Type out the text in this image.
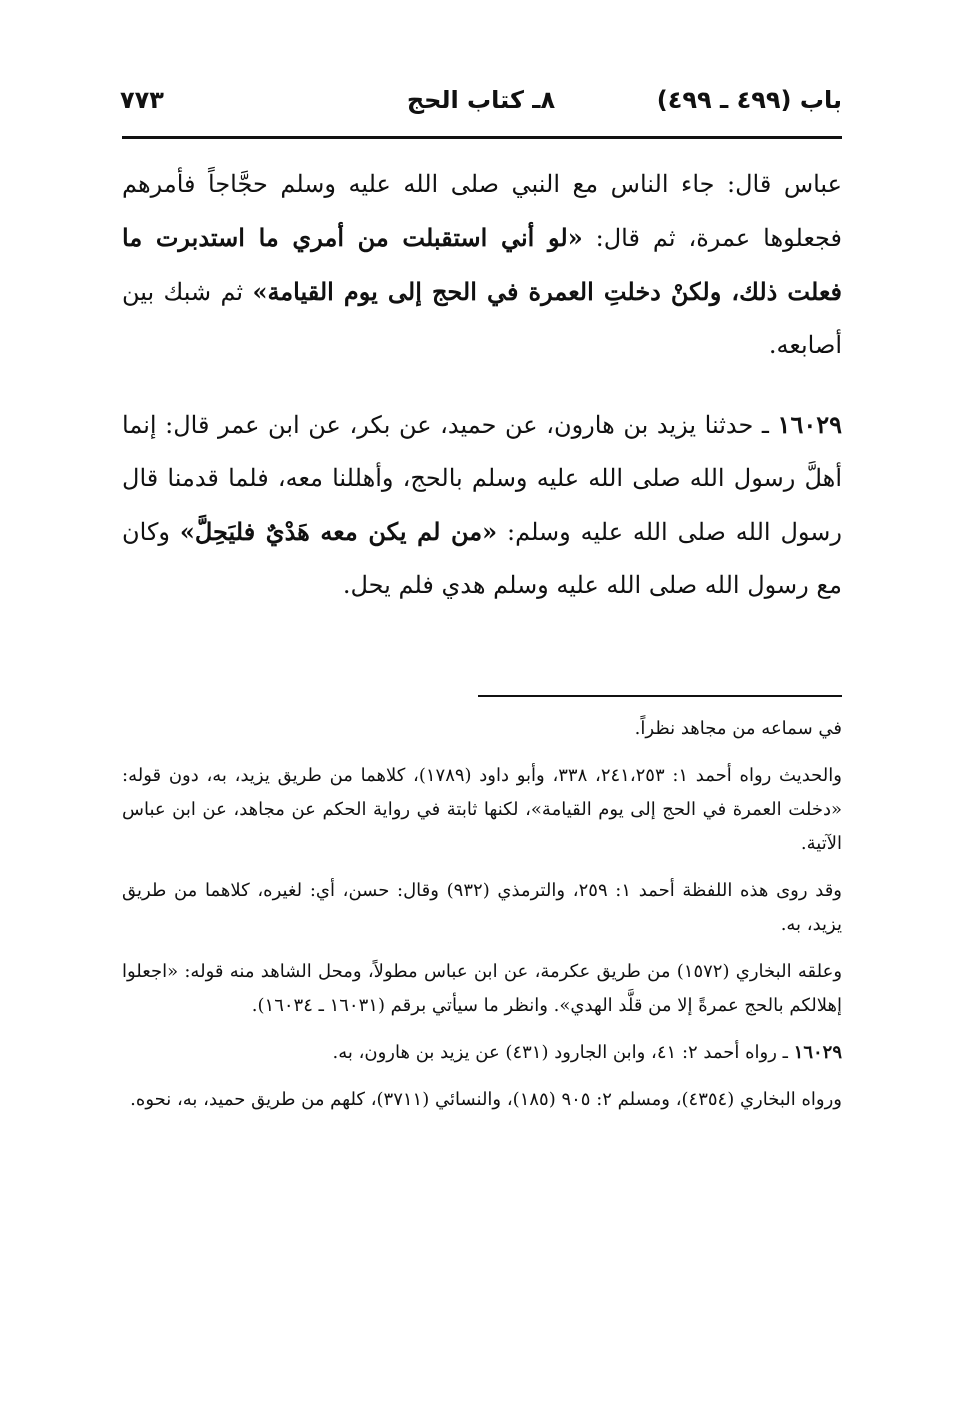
باب (٤٩٩ ـ ٤٩٩)
٨ـ كتاب الحج
٧٧٣

عباس قال: جاء الناس مع النبي صلى الله عليه وسلم حجَّاجاً فأمرهم فجعلوها عمرة، ثم قال: «لو أني استقبلت من أمري ما استدبرت ما فعلت ذلك، ولكنْ دخلتِ العمرة في الحج إلى يوم القيامة» ثم شبك بين أصابعه.

١٦٠٢٩ ـ حدثنا يزيد بن هارون، عن حميد، عن بكر، عن ابن عمر قال: إنما أهلَّ رسول الله صلى الله عليه وسلم بالحج، وأهللنا معه، فلما قدمنا قال رسول الله صلى الله عليه وسلم: «من لم يكن معه هَدْيٌ فليَحِلَّ» وكان مع رسول الله صلى الله عليه وسلم هدي فلم يحل.

في سماعه من مجاهد نظراً.

والحديث رواه أحمد ١: ٢٤١،٢٥٣، ٣٣٨، وأبو داود (١٧٨٩)، كلاهما من طريق يزيد، به، دون قوله: «دخلت العمرة في الحج إلى يوم القيامة»، لكنها ثابتة في رواية الحكم عن مجاهد، عن ابن عباس الآتية.

وقد روى هذه اللفظة أحمد ١: ٢٥٩، والترمذي (٩٣٢) وقال: حسن، أي: لغيره، كلاهما من طريق يزيد، به.

وعلقه البخاري (١٥٧٢) من طريق عكرمة، عن ابن عباس مطولاً، ومحل الشاهد منه قوله: «اجعلوا إهلالكم بالحج عمرةً إلا من قلَّد الهدي». وانظر ما سيأتي برقم (١٦٠٣١ ـ ١٦٠٣٤).

١٦٠٢٩ ـ رواه أحمد ٢: ٤١، وابن الجارود (٤٣١) عن يزيد بن هارون، به.

ورواه البخاري (٤٣٥٤)، ومسلم ٢: ٩٠٥ (١٨٥)، والنسائي (٣٧١١)، كلهم من طريق حميد، به، نحوه.
